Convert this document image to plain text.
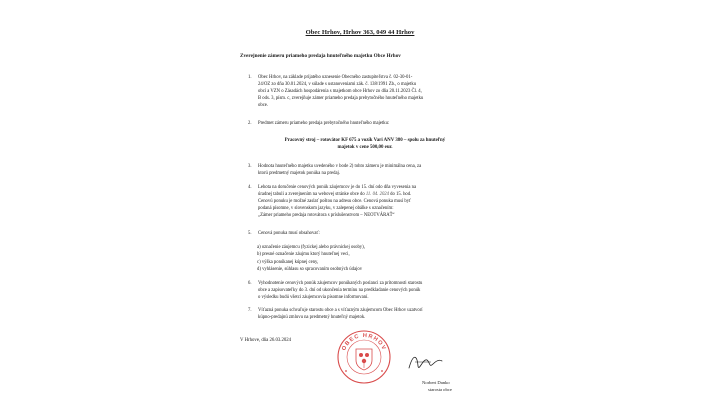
Obec Hrhov, Hrhov 363, 049 44 Hrhov
Zverejnenie zámeru priameho predaja hnuteľného majetku Obce Hrhov
1. Obec Hrhov, na základe prijatého uznesenie Obecného zastupiteľstva č. 02-30-01-
24/OZ zo dňa 30.01.2024, v súlade s ustanoveniami zák. č. 138/1991 Zb., o majetku
obcí a VZN o Zásadách hospodárenia s majetkom obce Hrhov zo dňa 20.11.2023 Čl. 4,
B ods. 3, písm. c, zverejňuje zámer priameho predaja prebytočného hnuteľného majetku
obce.
2. Predmet zámeru priameho predaja prebytočného hnuteľného majetku:
Pracovný stroj – rotovátor KF 675 a vozík Vari ANV 380 – spolu za hnuteľný
majetok v cene 500,00 eur.
3. Hodnota hnuteľného majetku uvedeného v bode 2) tohto zámeru je minimálna cena, za
ktorú predmetný majetok ponúka na predaj.
4. Lehota na doručenie cenových ponúk záujemcov je do 15. dní odo dňa vyvesenia na
úradnej tabuli a zverejnením na webovej stránke obce do 11. 04. 2024 do 15. hod.
Cenovú ponuku je možné zaslať poštou na adresu obce. Cenová ponuka musí byť
podaná písomne, v slovenskom jazyku, v zalepenej obálke s označením:
„Zámer priameho predaja rotovátora s príslušenstvom – NEOTVÁRAŤ“
5. Cenová ponuka musí obsahovať:
a) označenie záujemcu (fyzickej alebo právnickej osoby),
b) presné označenie záujmu ktorý hnuteľnej veci,
c) výška ponúkanej kúpnej ceny,
d) vyhlásenie, súhlasu so spracovaním osobných údajov
6. Vyhodnotenie cenových ponúk záujemcov ponúkaných poslanci za prítomnosti starostu
obce a zapisovateľky do 3. dní od ukončenia termínu na predkladanie cenových ponúk
o výsledku budú všetci záujemcovia písomne informovaní.
7. Víťazná ponuka schvaľuje starostu obce a s víťazným záujemcom Obec Hrhov uzatvorí
kúpno-predajnú zmluvu na predmetný hnuteľný majetok.
V Hrhove, dňa 26.03.2024
OBEC HRHOV
Norbert Danko
starosta obce
